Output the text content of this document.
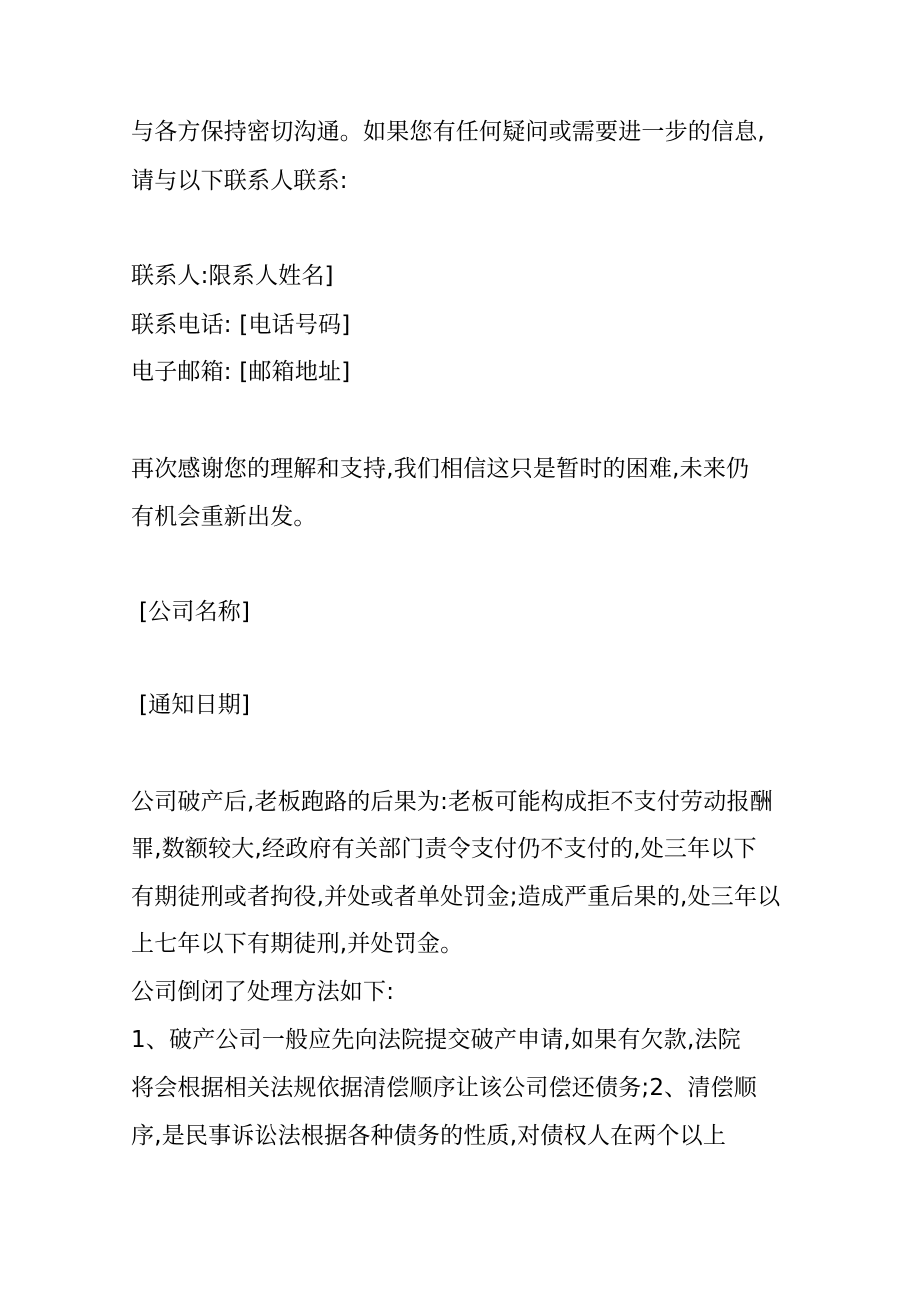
与各方保持密切沟通。如果您有任何疑问或需要进一步的信息,

请与以下联系人联系:

联系人:限系人姓名]

联系电话: [电话号码]

电子邮箱: [邮箱地址]

再次感谢您的理解和支持,我们相信这只是暂时的困难,未来仍

有机会重新出发。

[公司名称]

[通知日期]

公司破产后,老板跑路的后果为:老板可能构成拒不支付劳动报酬

罪,数额较大,经政府有关部门责令支付仍不支付的,处三年以下

有期徒刑或者拘役,并处或者单处罚金;造成严重后果的,处三年以

上七年以下有期徒刑,并处罚金。

公司倒闭了处理方法如下:

1、破产公司一般应先向法院提交破产申请,如果有欠款,法院

将会根据相关法规依据清偿顺序让该公司偿还债务;2、清偿顺

序,是民事诉讼法根据各种债务的性质,对债权人在两个以上
